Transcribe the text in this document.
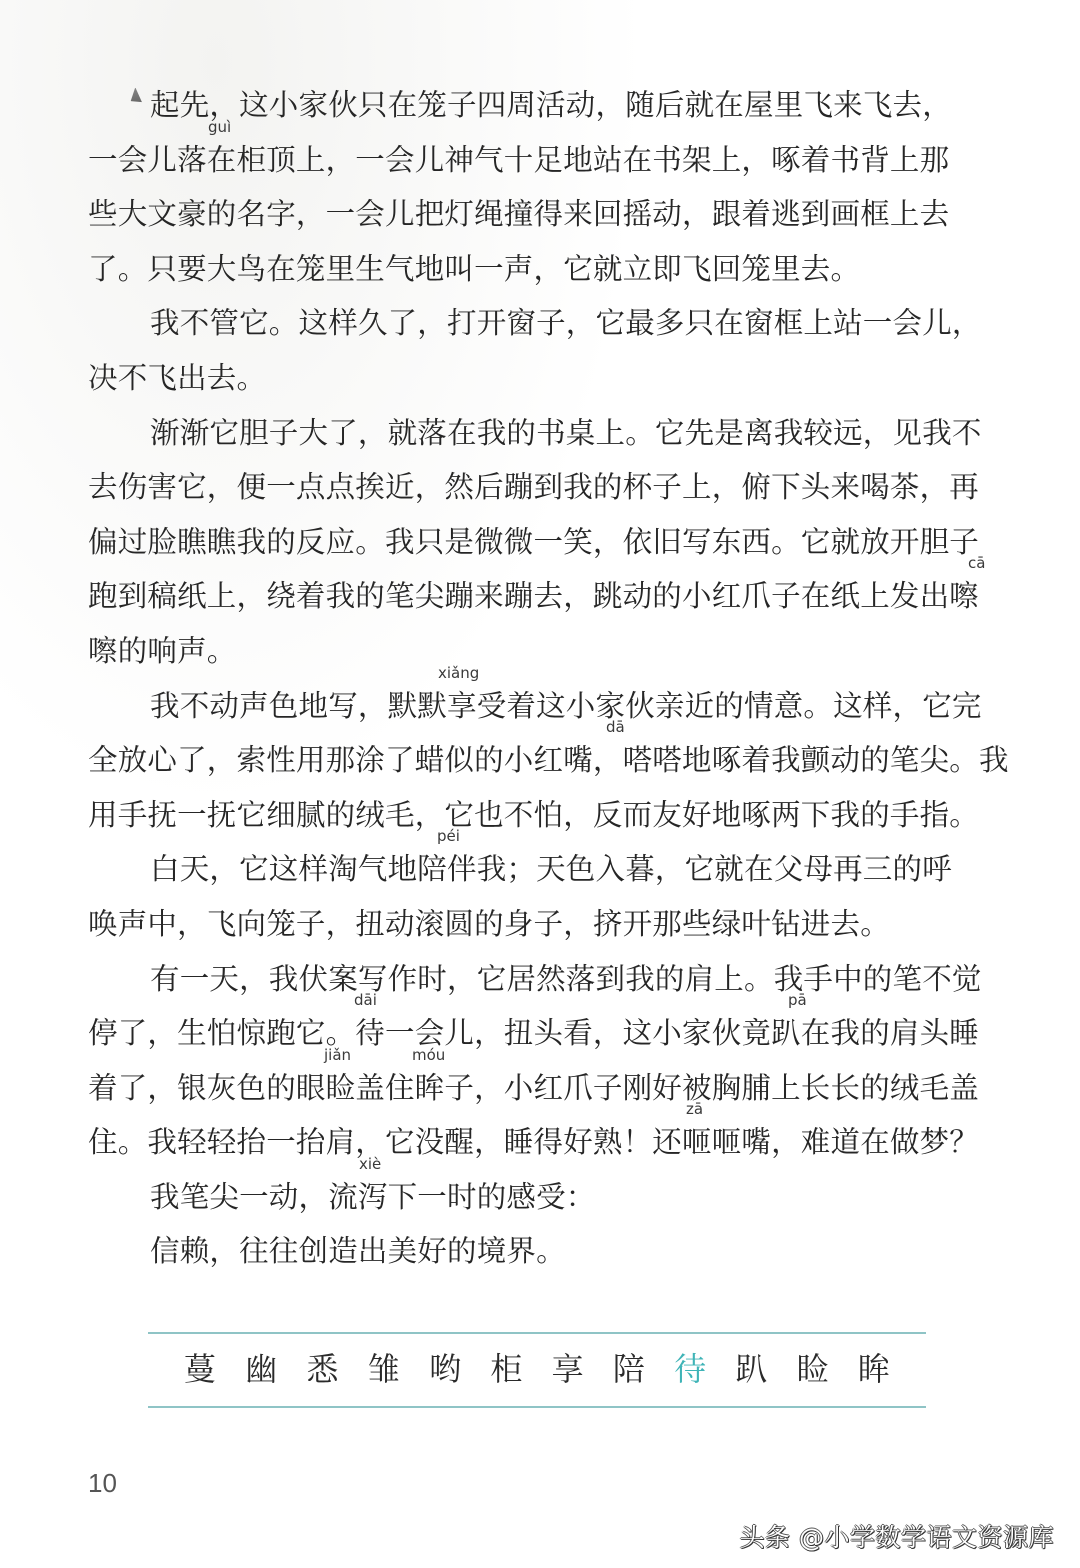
起先，这小家伙只在笼子四周活动，随后就在屋里飞来飞去，
一会儿落在柜顶上，一会儿神气十足地站在书架上，啄着书背上那
guì
些大文豪的名字，一会儿把灯绳撞得来回摇动，跟着逃到画框上去
了。只要大鸟在笼里生气地叫一声，它就立即飞回笼里去。
我不管它。这样久了，打开窗子，它最多只在窗框上站一会儿，
决不飞出去。
渐渐它胆子大了，就落在我的书桌上。它先是离我较远，见我不
去伤害它，便一点点挨近，然后蹦到我的杯子上，俯下头来喝茶，再
偏过脸瞧瞧我的反应。我只是微微一笑，依旧写东西。它就放开胆子
跑到稿纸上，绕着我的笔尖蹦来蹦去，跳动的小红爪子在纸上发出嚓
cā
嚓的响声。
我不动声色地写，默默享受着这小家伙亲近的情意。这样，它完
xiǎng
全放心了，索性用那涂了蜡似的小红嘴，嗒嗒地啄着我颤动的笔尖。我
dā
用手抚一抚它细腻的绒毛，它也不怕，反而友好地啄两下我的手指。
白天，它这样淘气地陪伴我；天色入暮，它就在父母再三的呼
péi
唤声中，飞向笼子，扭动滚圆的身子，挤开那些绿叶钻进去。
有一天，我伏案写作时，它居然落到我的肩上。我手中的笔不觉
停了，生怕惊跑它。待一会儿，扭头看，这小家伙竟趴在我的肩头睡
dāi	pā
着了，银灰色的眼睑盖住眸子，小红爪子刚好被胸脯上长长的绒毛盖
jiǎn	móu
住。我轻轻抬一抬肩，它没醒，睡得好熟！还咂咂嘴，难道在做梦？
zā
我笔尖一动，流泻下一时的感受：
xiè
信赖，往往创造出美好的境界。
蔓 幽 悉 雏 哟 柜 享 陪 待 趴 睑 眸
10
头条 @小学数学语文资源库
